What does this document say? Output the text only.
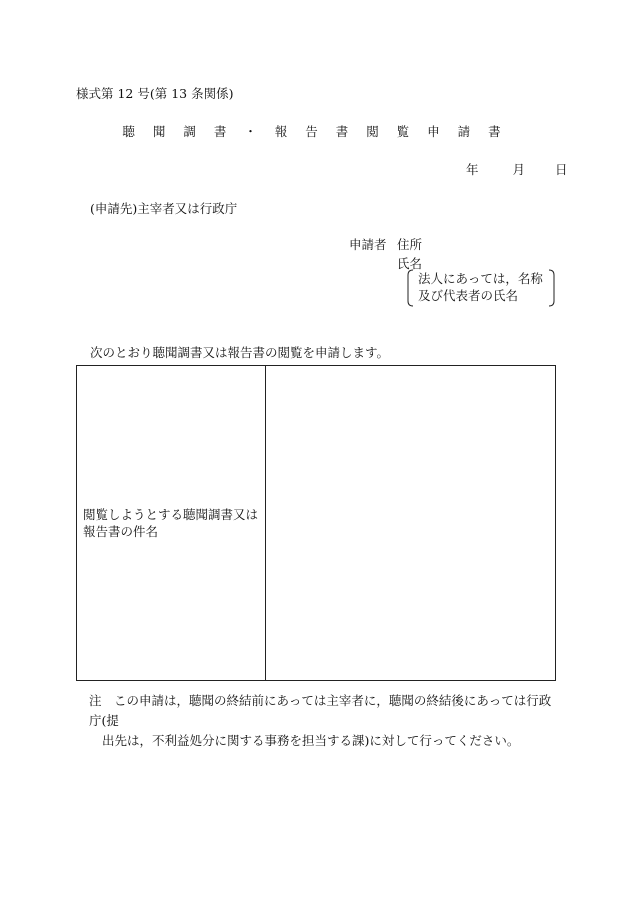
様式第 12 号(第 13 条関係)
聴 聞 調 書 ・ 報 告 書 閲 覧 申 請 書
年	月 日
(申請先)主宰者又は行政庁
申請者 住所
氏名
法人にあっては，名称及び代表者の氏名
次のとおり聴聞調書又は報告書の閲覧を申請します。
閲覧しようとする聴聞調書又は報告書の件名
注　この申請は，聴聞の終結前にあっては主宰者に，聴聞の終結後にあっては行政庁(提
出先は，不利益処分に関する事務を担当する課)に対して行ってください。
